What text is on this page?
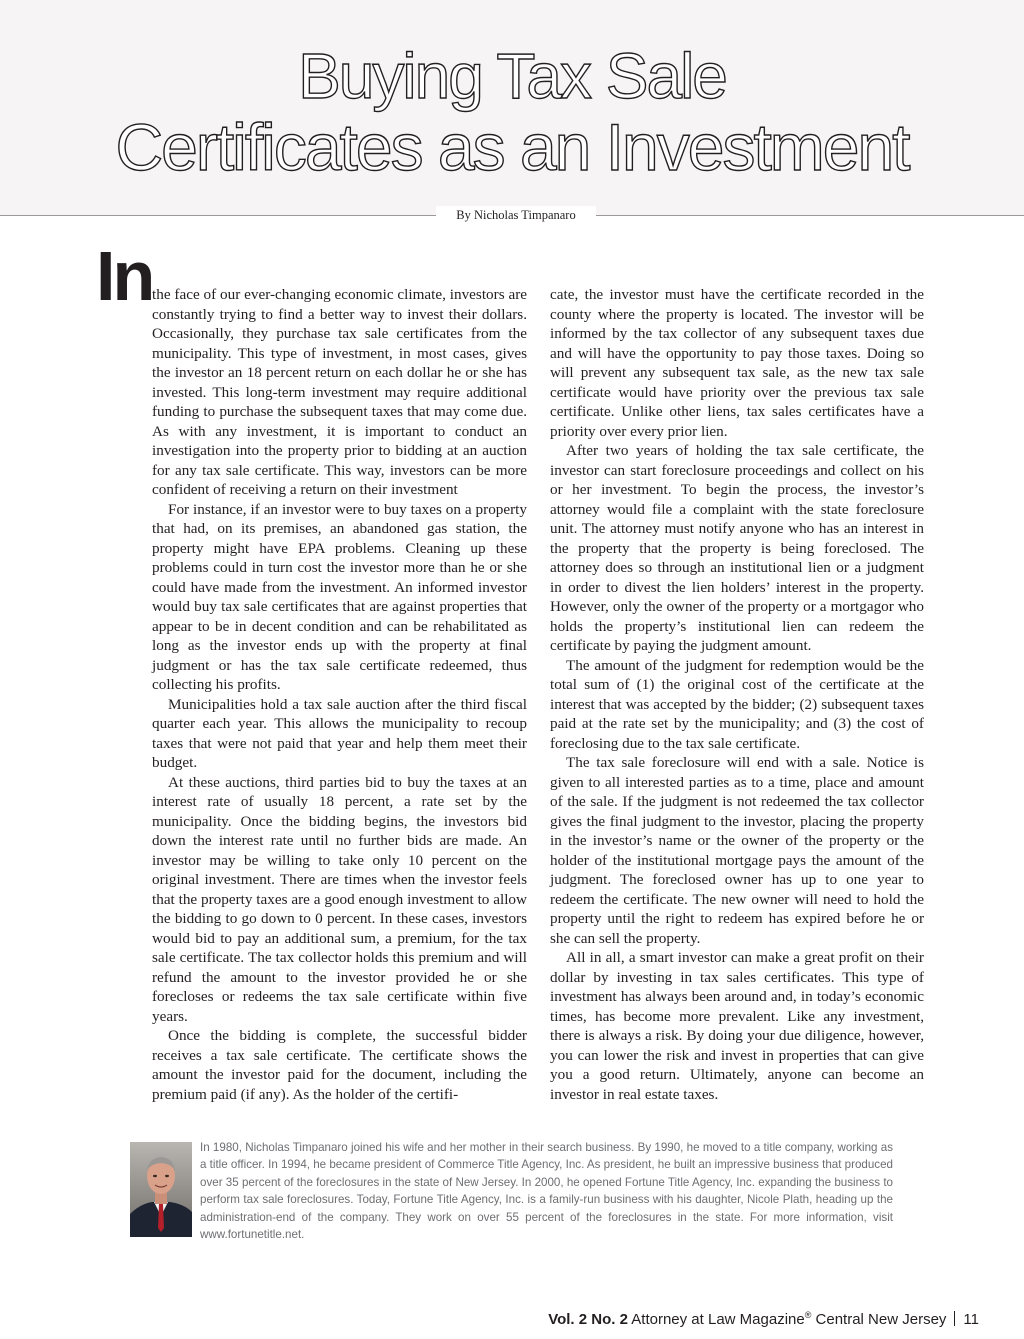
Buying Tax Sale
Certificates as an Investment
By Nicholas Timpanaro
In the face of our ever-changing economic climate, investors are constantly trying to find a better way to invest their dollars. Occasionally, they purchase tax sale certificates from the municipality. This type of investment, in most cases, gives the investor an 18 percent return on each dollar he or she has invested. This long-term investment may require additional funding to purchase the subsequent taxes that may come due. As with any investment, it is important to conduct an investigation into the property prior to bidding at an auction for any tax sale certificate. This way, investors can be more confident of receiving a return on their investment

For instance, if an investor were to buy taxes on a property that had, on its premises, an abandoned gas station, the property might have EPA problems. Cleaning up these problems could in turn cost the investor more than he or she could have made from the investment. An informed investor would buy tax sale certificates that are against properties that appear to be in decent condition and can be rehabilitated as long as the investor ends up with the property at final judgment or has the tax sale certificate redeemed, thus collecting his profits.

Municipalities hold a tax sale auction after the third fiscal quarter each year. This allows the municipality to recoup taxes that were not paid that year and help them meet their budget.

At these auctions, third parties bid to buy the taxes at an interest rate of usually 18 percent, a rate set by the municipality. Once the bidding begins, the investors bid down the interest rate until no further bids are made. An investor may be willing to take only 10 percent on the original investment. There are times when the investor feels that the property taxes are a good enough investment to allow the bidding to go down to 0 percent. In these cases, investors would bid to pay an additional sum, a premium, for the tax sale certificate. The tax collector holds this premium and will refund the amount to the investor provided he or she forecloses or redeems the tax sale certificate within five years.

Once the bidding is complete, the successful bidder receives a tax sale certificate. The certificate shows the amount the investor paid for the document, including the premium paid (if any). As the holder of the certifi-

cate, the investor must have the certificate recorded in the county where the property is located. The investor will be informed by the tax collector of any subsequent taxes due and will have the opportunity to pay those taxes. Doing so will prevent any subsequent tax sale, as the new tax sale certificate would have priority over the previous tax sale certificate. Unlike other liens, tax sales certificates have a priority over every prior lien.

After two years of holding the tax sale certificate, the investor can start foreclosure proceedings and collect on his or her investment. To begin the process, the investor’s attorney would file a complaint with the state foreclosure unit. The attorney must notify anyone who has an interest in the property that the property is being foreclosed. The attorney does so through an institutional lien or a judgment in order to divest the lien holders’ interest in the property. However, only the owner of the property or a mortgagor who holds the property’s institutional lien can redeem the certificate by paying the judgment amount.

The amount of the judgment for redemption would be the total sum of (1) the original cost of the certificate at the interest that was accepted by the bidder; (2) subsequent taxes paid at the rate set by the municipality; and (3) the cost of foreclosing due to the tax sale certificate.

The tax sale foreclosure will end with a sale. Notice is given to all interested parties as to a time, place and amount of the sale. If the judgment is not redeemed the tax collector gives the final judgment to the investor, placing the property in the investor’s name or the owner of the property or the holder of the institutional mortgage pays the amount of the judgment. The foreclosed owner has up to one year to redeem the certificate. The new owner will need to hold the property until the right to redeem has expired before he or she can sell the property.

All in all, a smart investor can make a great profit on their dollar by investing in tax sales certificates. This type of investment has always been around and, in today’s economic times, has become more prevalent. Like any investment, there is always a risk. By doing your due diligence, however, you can lower the risk and invest in properties that can give you a good return. Ultimately, anyone can become an investor in real estate taxes.

In 1980, Nicholas Timpanaro joined his wife and her mother in their search business. By 1990, he moved to a title company, working as a title officer. In 1994, he became president of Commerce Title Agency, Inc. As president, he built an impressive business that produced over 35 percent of the foreclosures in the state of New Jersey. In 2000, he opened Fortune Title Agency, Inc. expanding the business to perform tax sale foreclosures. Today, Fortune Title Agency, Inc. is a family-run business with his daughter, Nicole Plath, heading up the administration-end of the company. They work on over 55 percent of the foreclosures in the state. For more information, visit www.fortunetitle.net.

Vol. 2 No. 2 Attorney at Law Magazine® Central New Jersey 11
